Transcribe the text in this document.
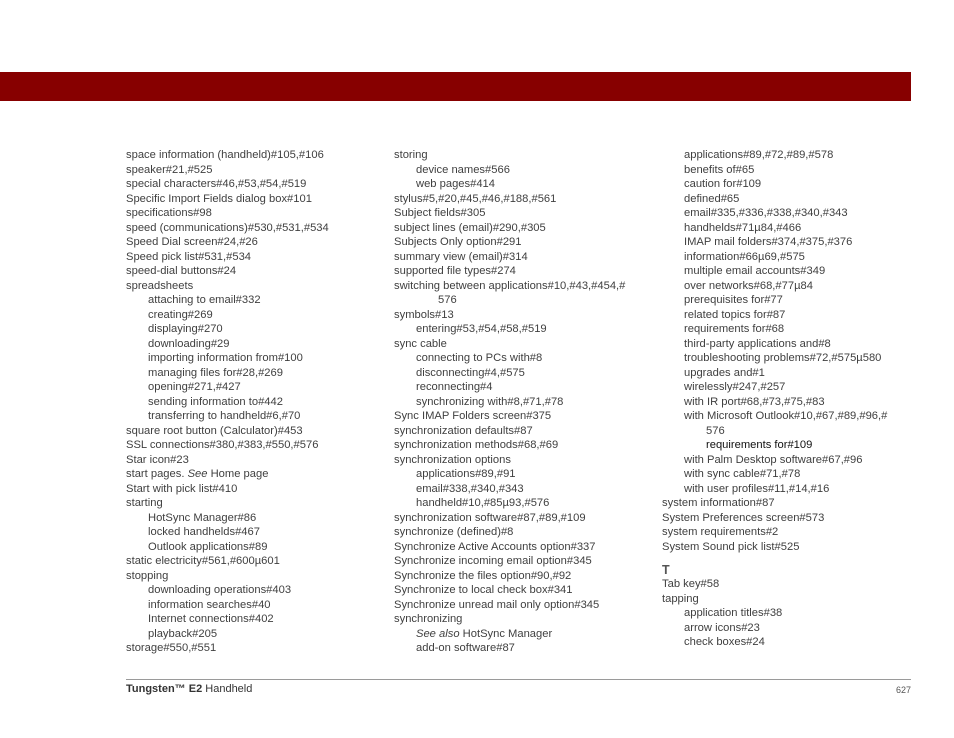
space information (handheld)#105,#106
speaker#21,#525
special characters#46,#53,#54,#519
Specific Import Fields dialog box#101
specifications#98
speed (communications)#530,#531,#534
Speed Dial screen#24,#26
Speed pick list#531,#534
speed-dial buttons#24
spreadsheets
attaching to email#332
creating#269
displaying#270
downloading#29
importing information from#100
managing files for#28,#269
opening#271,#427
sending information to#442
transferring to handheld#6,#70
square root button (Calculator)#453
SSL connections#380,#383,#550,#576
Star icon#23
start pages. See Home page
Start with pick list#410
starting
HotSync Manager#86
locked handhelds#467
Outlook applications#89
static electricity#561,#600µ601
stopping
downloading operations#403
information searches#40
Internet connections#402
playback#205
storage#550,#551
storing
device names#566
web pages#414
stylus#5,#20,#45,#46,#188,#561
Subject fields#305
subject lines (email)#290,#305
Subjects Only option#291
summary view (email)#314
supported file types#274
switching between applications#10,#43,#454,#
576
symbols#13
entering#53,#54,#58,#519
sync cable
connecting to PCs with#8
disconnecting#4,#575
reconnecting#4
synchronizing with#8,#71,#78
Sync IMAP Folders screen#375
synchronization defaults#87
synchronization methods#68,#69
synchronization options
applications#89,#91
email#338,#340,#343
handheld#10,#85µ93,#576
synchronization software#87,#89,#109
synchronize (defined)#8
Synchronize Active Accounts option#337
Synchronize incoming email option#345
Synchronize the files option#90,#92
Synchronize to local check box#341
Synchronize unread mail only option#345
synchronizing
See also HotSync Manager
add-on software#87
applications#89,#72,#89,#578
benefits of#65
caution for#109
defined#65
email#335,#336,#338,#340,#343
handhelds#71µ84,#466
IMAP mail folders#374,#375,#376
information#66µ69,#575
multiple email accounts#349
over networks#68,#77µ84
prerequisites for#77
related topics for#87
requirements for#68
third-party applications and#8
troubleshooting problems#72,#575µ580
upgrades and#1
wirelessly#247,#257
with IR port#68,#73,#75,#83
with Microsoft Outlook#10,#67,#89,#96,#
576
requirements for#109
with Palm Desktop software#67,#96
with sync cable#71,#78
with user profiles#11,#14,#16
system information#87
System Preferences screen#573
system requirements#2
System Sound pick list#525
T
Tab key#58
tapping
application titles#38
arrow icons#23
check boxes#24
Tungsten™ E2 Handheld	627
